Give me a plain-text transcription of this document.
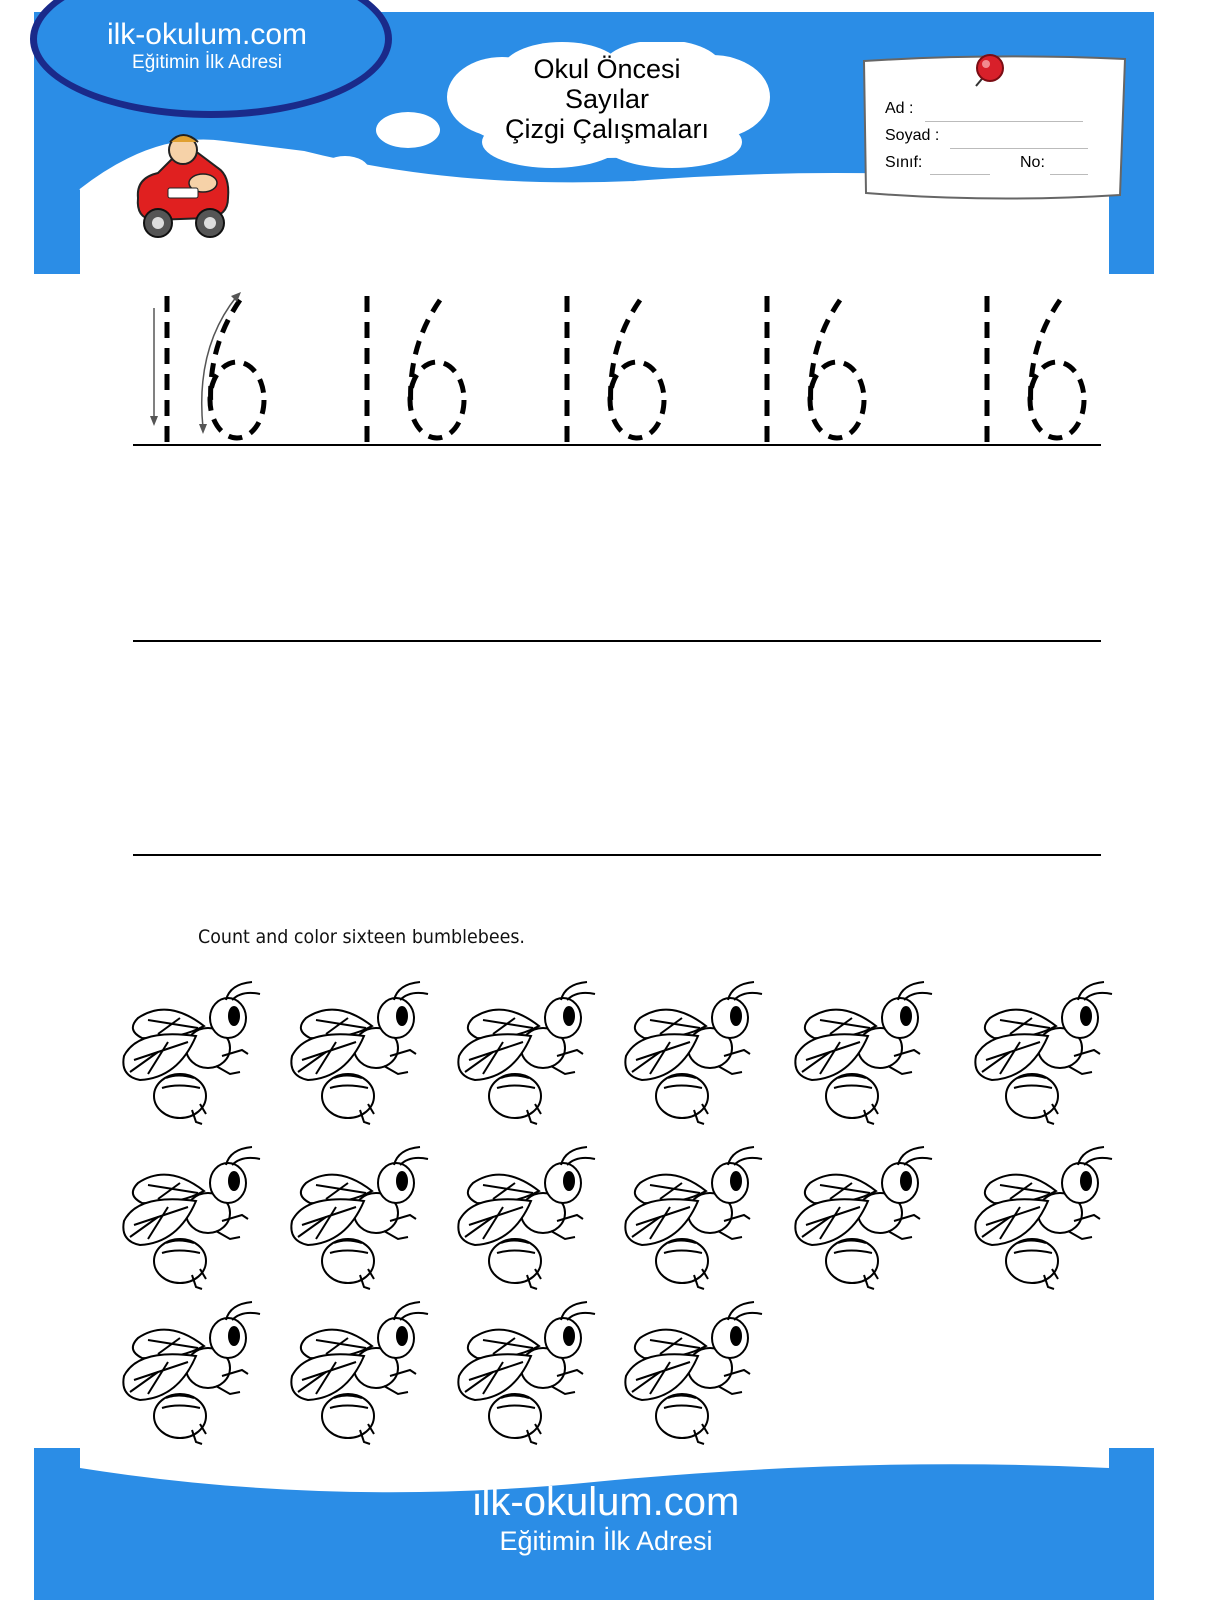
ilk-okulum.com
Eğitimin İlk Adresi	Okul Öncesi
Sayılar
Çizgi Çalışmaları
Ad :
Soyad :
Sınıf:	No:
Count and color sixteen bumblebees.
ilk-okulum.com
Eğitimin İlk Adresi
